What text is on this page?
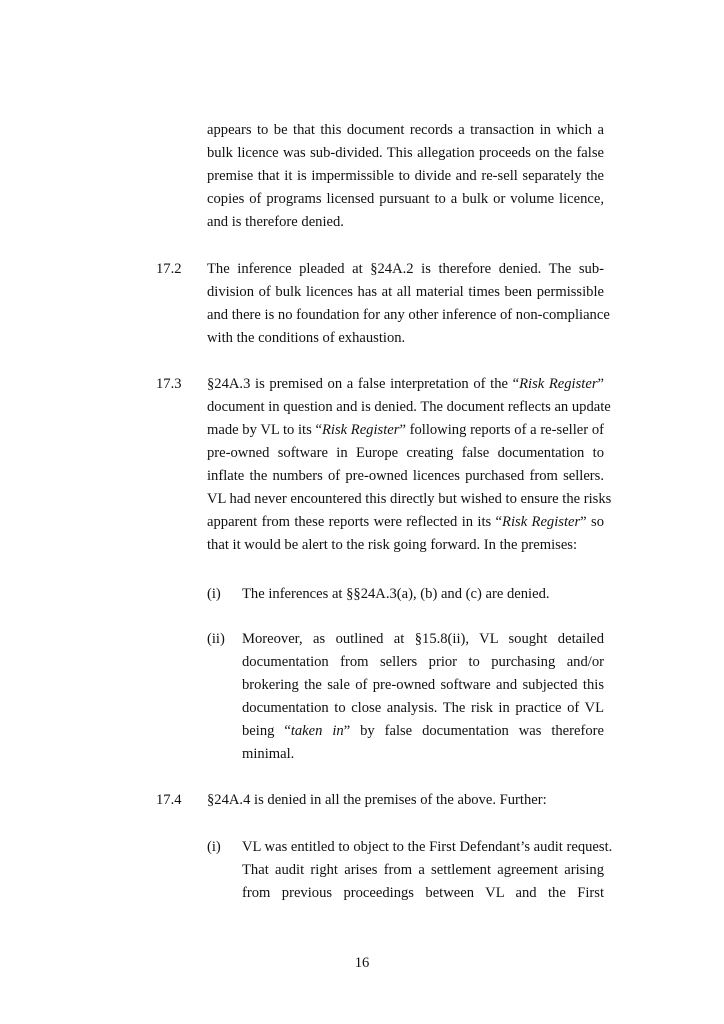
appears to be that this document records a transaction in which a
bulk licence was sub-divided. This allegation proceeds on the false
premise that it is impermissible to divide and re-sell separately the
copies of programs licensed pursuant to a bulk or volume licence,
and is therefore denied.
17.2 The inference pleaded at §24A.2 is therefore denied. The sub-
division of bulk licences has at all material times been permissible
and there is no foundation for any other inference of non-compliance
with the conditions of exhaustion.
17.3 §24A.3 is premised on a false interpretation of the “Risk Register”
document in question and is denied. The document reflects an update
made by VL to its “Risk Register” following reports of a re-seller of
pre-owned software in Europe creating false documentation to
inflate the numbers of pre-owned licences purchased from sellers.
VL had never encountered this directly but wished to ensure the risks
apparent from these reports were reflected in its “Risk Register” so
that it would be alert to the risk going forward. In the premises:
(i) The inferences at §§24A.3(a), (b) and (c) are denied.
(ii) Moreover, as outlined at §15.8(ii), VL sought detailed
documentation from sellers prior to purchasing and/or
brokering the sale of pre-owned software and subjected this
documentation to close analysis. The risk in practice of VL
being “taken in” by false documentation was therefore
minimal.
17.4 §24A.4 is denied in all the premises of the above. Further:
(i) VL was entitled to object to the First Defendant’s audit request.
That audit right arises from a settlement agreement arising
from previous proceedings between VL and the First
16
